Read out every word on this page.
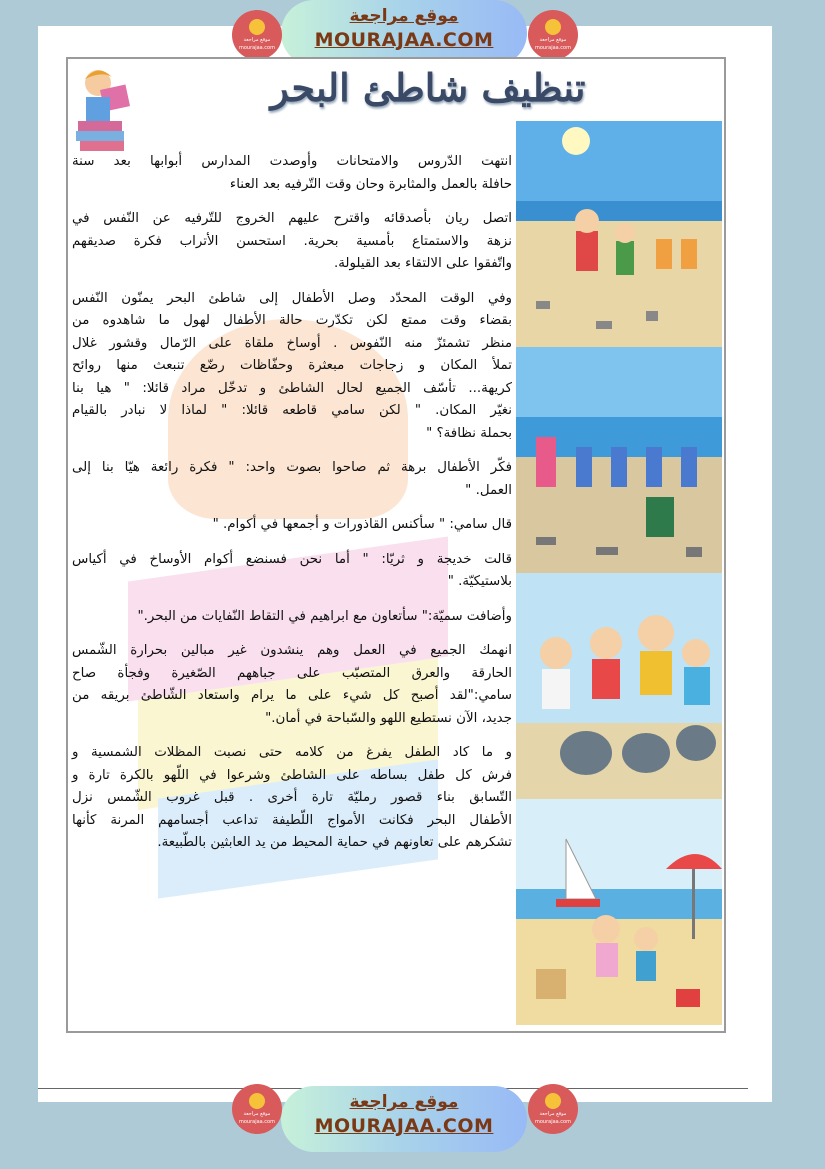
موقع مراجعة
MOURAJAA.COM
موقع مراجعة
mourajaa.com
موقع مراجعة
mourajaa.com
تنظيف شاطئ البحر

انتهت الدّروس والامتحانات وأوصدت المدارس أبوابها بعد سنة
حافلة بالعمل والمثابرة وحان وقت التّرفيه بعد العناء

اتصل ريان بأصدقائه واقترح عليهم الخروج للتّرفيه عن النّفس في
نزهة والاستمتاع بأمسية بحرية. استحسن الأتراب فكرة صديقهم
واتّفقوا على الالتقاء بعد القيلولة.

وفي الوقت المحدّد وصل الأطفال إلى شاطئ البحر يمنّون النّفس
بقضاء وقت ممتع لكن تكدّرت حالة الأطفال لهول ما شاهدوه من
منظر تشمئزّ منه النّفوس . أوساخ ملقاة على الرّمال وقشور غلال
تملأ المكان و زجاجات مبعثرة وحفّاظات رضّع تنبعث منها روائح
كريهة... تأسّف الجميع لحال الشاطئ و تدخّل مراد قائلا: " هيا بنا
نغيّر المكان. " لكن سامي قاطعه قائلا: " لماذا لا نبادر بالقيام
بحملة نظافة؟ "

فكّر الأطفال برهة ثم صاحوا بصوت واحد: " فكرة رائعة هيّا بنا إلى
العمل. "

قال سامي: " سأكنس القاذورات و أجمعها في أكوام. "

قالت خديجة و ثريّا: " أما نحن فسنضع أكوام الأوساخ في أكياس
بلاستيكيّة. "

وأضافت سميّة:" سأتعاون مع ابراهيم في التقاط النّفايات من البحر."

انهمك الجميع في العمل وهم ينشدون غير مبالين بحرارة الشّمس
الحارقة والعرق المتصبّب على جباههم الصّغيرة وفجأة صاح
سامي:"لقد أصبح كل شيء على ما يرام واستعاد الشّاطئ بريقه من
جديد، الآن نستطيع اللهو والسّباحة في أمان."

و ما كاد الطفل يفرغ من كلامه حتى نصبت المظلات الشمسية و
فرش كل طفل بساطه على الشاطئ وشرعوا في اللّهو بالكرة تارة و
التّسابق بناء قصور رمليّة تارة أخرى . قبل غروب الشّمس نزل
الأطفال البحر فكانت الأمواج اللّطيفة تداعب أجسامهم المرنة كأنها
تشكرهم على تعاونهم في حماية المحيط من يد العابثين بالطّبيعة.

موقع مراجعة
MOURAJAA.COM
موقع مراجعة
mourajaa.com
موقع مراجعة
mourajaa.com
